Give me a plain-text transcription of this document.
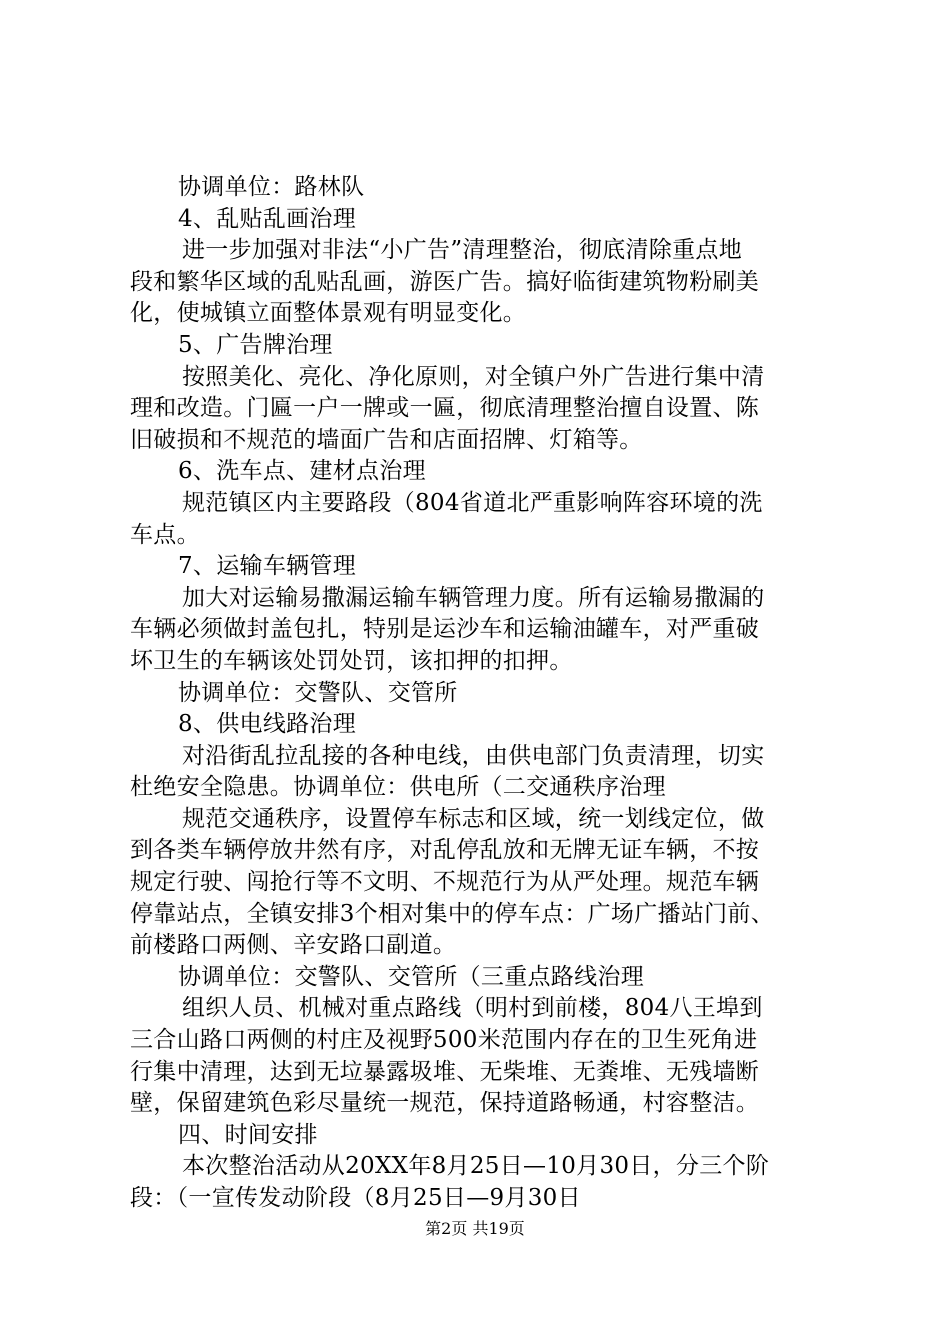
协调单位：路林队
4、乱贴乱画治理
进一步加强对非法“小广告”清理整治，彻底清除重点地
段和繁华区域的乱贴乱画，游医广告。搞好临街建筑物粉刷美
化，使城镇立面整体景观有明显变化。
5、广告牌治理
按照美化、亮化、净化原则，对全镇户外广告进行集中清
理和改造。门匾一户一牌或一匾，彻底清理整治擅自设置、陈
旧破损和不规范的墙面广告和店面招牌、灯箱等。
6、洗车点、建材点治理
规范镇区内主要路段（804省道北严重影响阵容环境的洗
车点。
7、运输车辆管理
加大对运输易撒漏运输车辆管理力度。所有运输易撒漏的
车辆必须做封盖包扎，特别是运沙车和运输油罐车，对严重破
坏卫生的车辆该处罚处罚，该扣押的扣押。
协调单位：交警队、交管所
8、供电线路治理
对沿街乱拉乱接的各种电线，由供电部门负责清理，切实
杜绝安全隐患。协调单位：供电所（二交通秩序治理
规范交通秩序，设置停车标志和区域，统一划线定位，做
到各类车辆停放井然有序，对乱停乱放和无牌无证车辆，不按
规定行驶、闯抢行等不文明、不规范行为从严处理。规范车辆
停靠站点，全镇安排3个相对集中的停车点：广场广播站门前、
前楼路口两侧、辛安路口副道。
协调单位：交警队、交管所（三重点路线治理
组织人员、机械对重点路线（明村到前楼，804八王埠到
三合山路口两侧的村庄及视野500米范围内存在的卫生死角进
行集中清理，达到无垃暴露圾堆、无柴堆、无粪堆、无残墙断
壁，保留建筑色彩尽量统一规范，保持道路畅通，村容整洁。
四、时间安排
本次整治活动从20XX年8月25日—10月30日，分三个阶
段：（一宣传发动阶段（8月25日—9月30日
第2页 共19页
